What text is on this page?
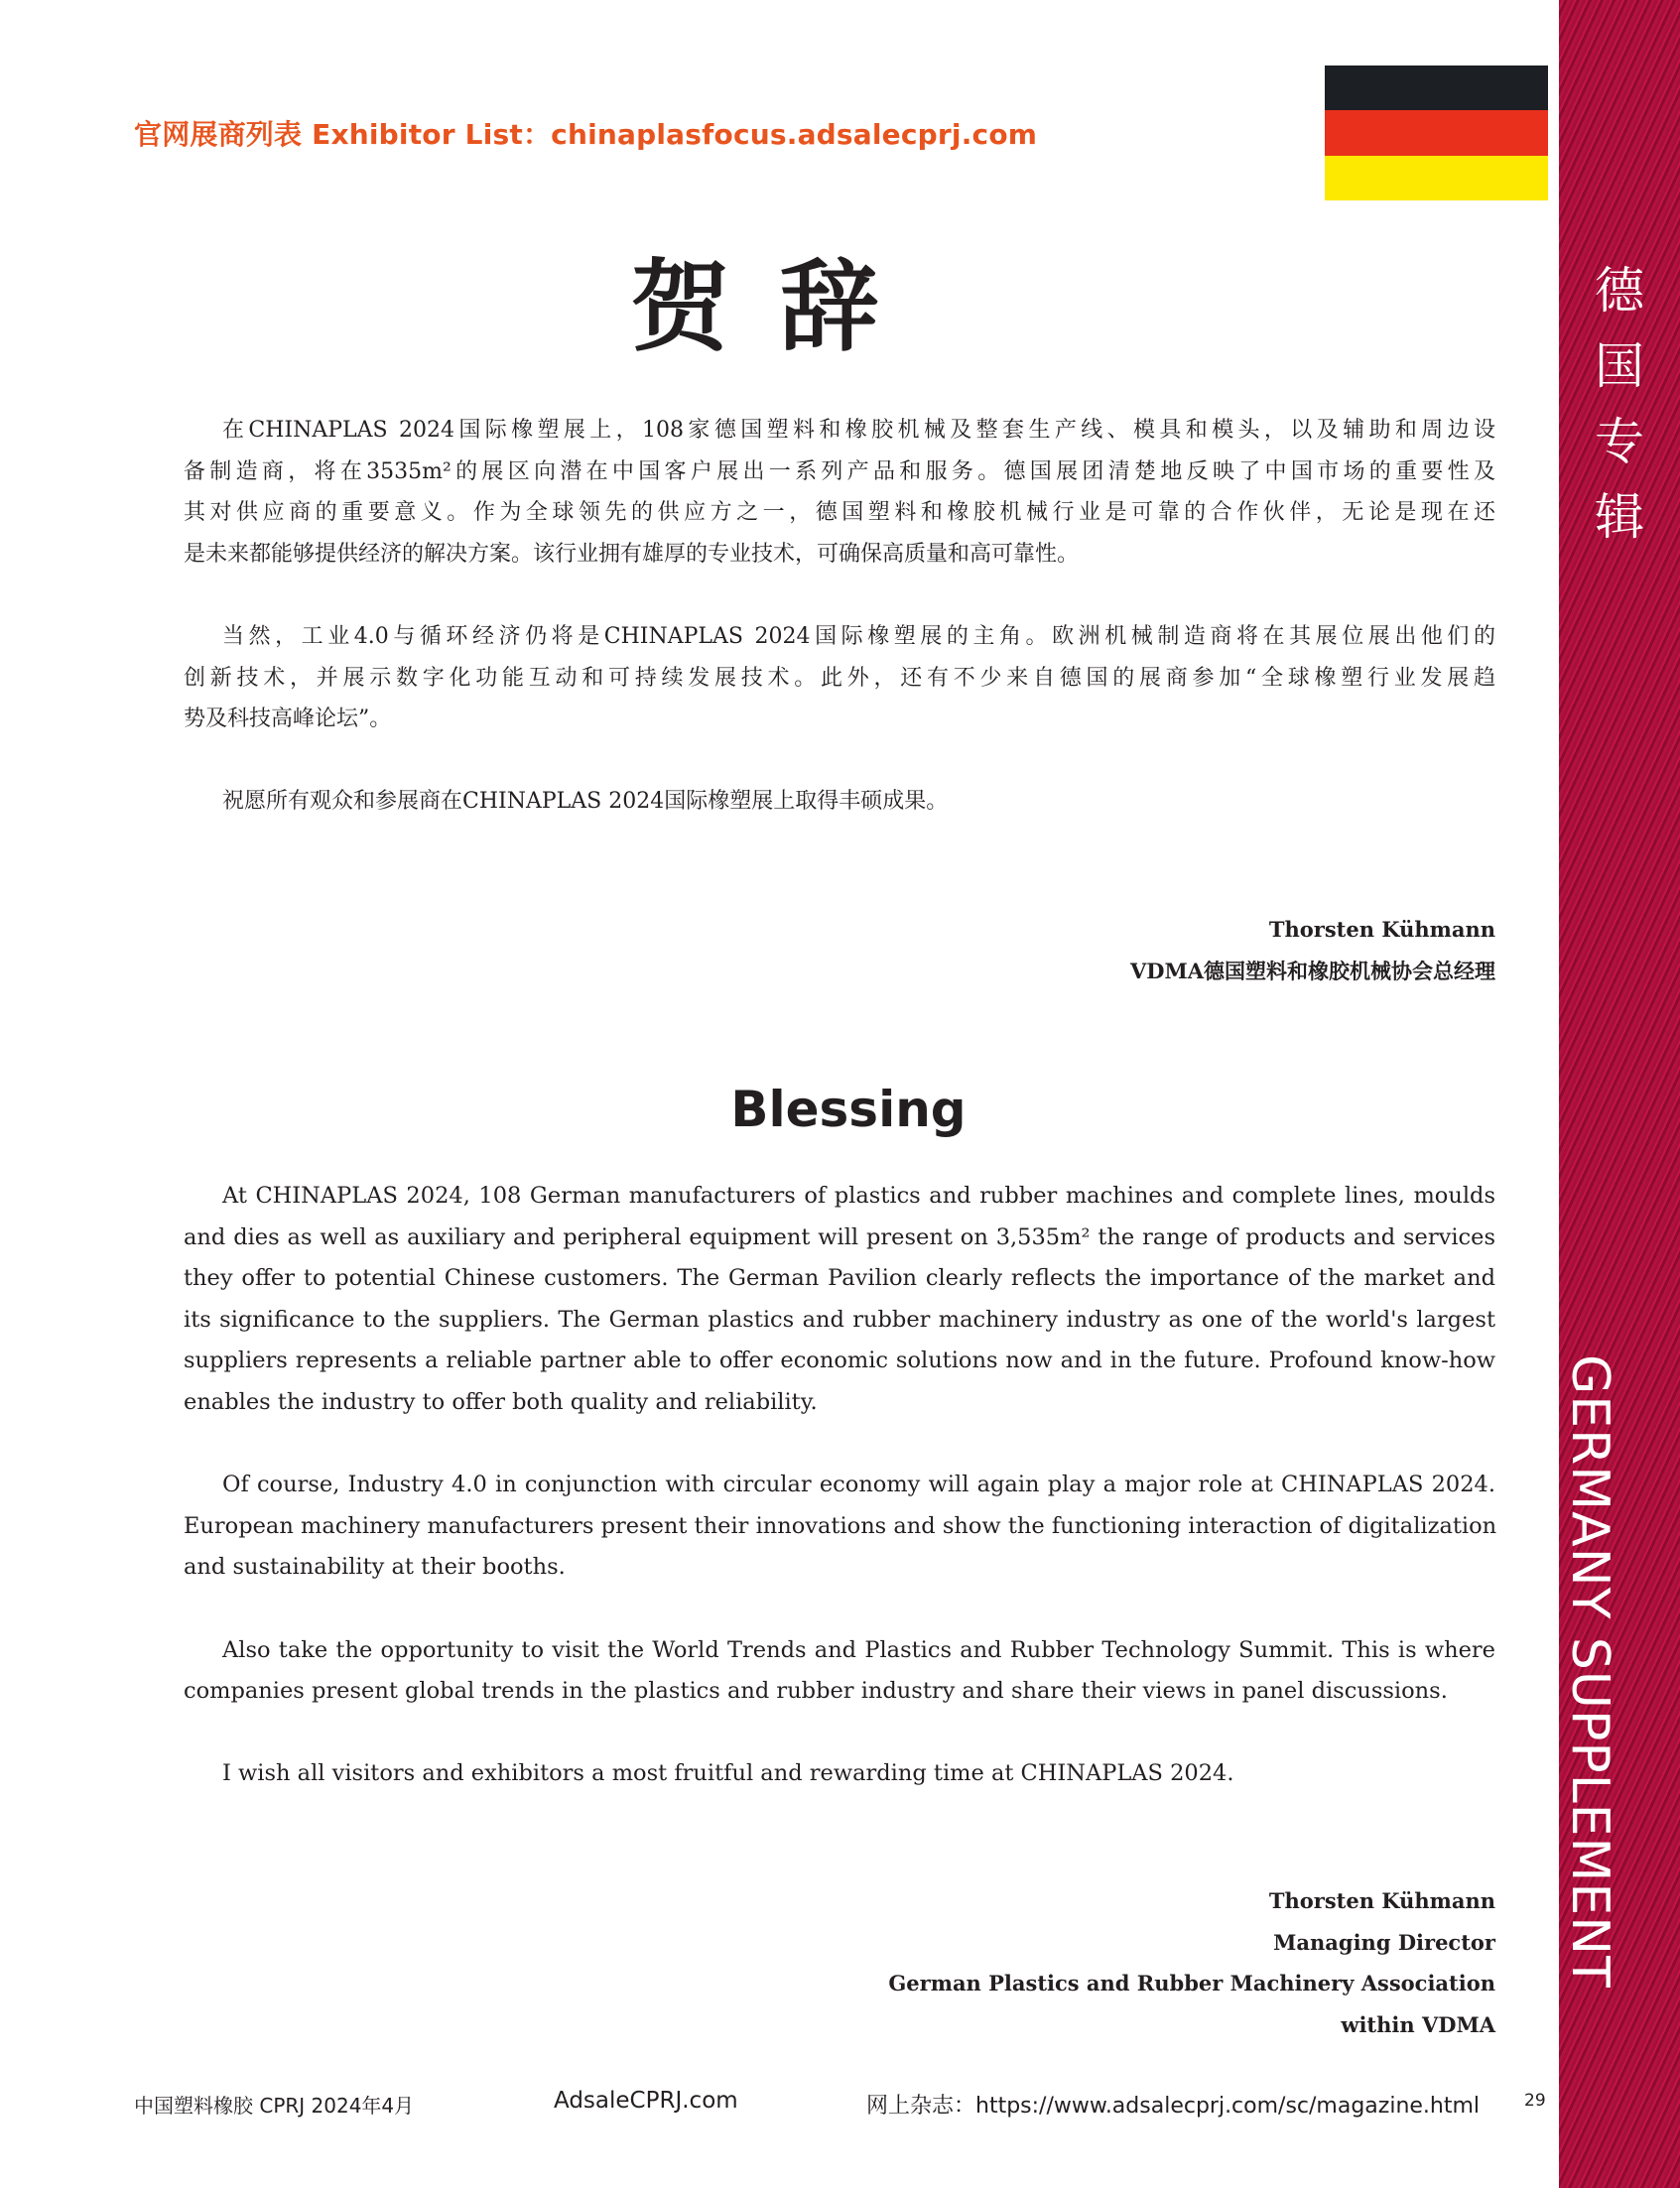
德
国
专
辑
GERMANY SUPPLEMENT
官网展商列表 Exhibitor List：chinaplasfocus.adsalecprj.com
贺辞
在CHINAPLAS 2024国际橡塑展上，108家德国塑料和橡胶机械及整套生产线、模具和模头，以及辅助和周边设
备制造商，将在3535m²的展区向潜在中国客户展出一系列产品和服务。德国展团清楚地反映了中国市场的重要性及
其对供应商的重要意义。作为全球领先的供应方之一，德国塑料和橡胶机械行业是可靠的合作伙伴，无论是现在还
是未来都能够提供经济的解决方案。该行业拥有雄厚的专业技术，可确保高质量和高可靠性。
当然，工业4.0与循环经济仍将是CHINAPLAS 2024国际橡塑展的主角。欧洲机械制造商将在其展位展出他们的
创新技术，并展示数字化功能互动和可持续发展技术。此外，还有不少来自德国的展商参加“全球橡塑行业发展趋
势及科技高峰论坛”。
祝愿所有观众和参展商在CHINAPLAS 2024国际橡塑展上取得丰硕成果。
Thorsten Kühmann
VDMA德国塑料和橡胶机械协会总经理
Blessing
At CHINAPLAS 2024, 108 German manufacturers of plastics and rubber machines and complete lines, moulds
and dies as well as auxiliary and peripheral equipment will present on 3,535m² the range of products and services
they offer to potential Chinese customers. The German Pavilion clearly reflects the importance of the market and
its significance to the suppliers. The German plastics and rubber machinery industry as one of the world's largest
suppliers represents a reliable partner able to offer economic solutions now and in the future. Profound know-how
enables the industry to offer both quality and reliability.
Of course, Industry 4.0 in conjunction with circular economy will again play a major role at CHINAPLAS 2024.
European machinery manufacturers present their innovations and show the functioning interaction of digitalization
and sustainability at their booths.
Also take the opportunity to visit the World Trends and Plastics and Rubber Technology Summit. This is where
companies present global trends in the plastics and rubber industry and share their views in panel discussions.
I wish all visitors and exhibitors a most fruitful and rewarding time at CHINAPLAS 2024.
Thorsten Kühmann
Managing Director
German Plastics and Rubber Machinery Association
within VDMA
中国塑料橡胶 CPRJ 2024年4月	AdsaleCPRJ.com	网上杂志：https://www.adsalecprj.com/sc/magazine.html	29
